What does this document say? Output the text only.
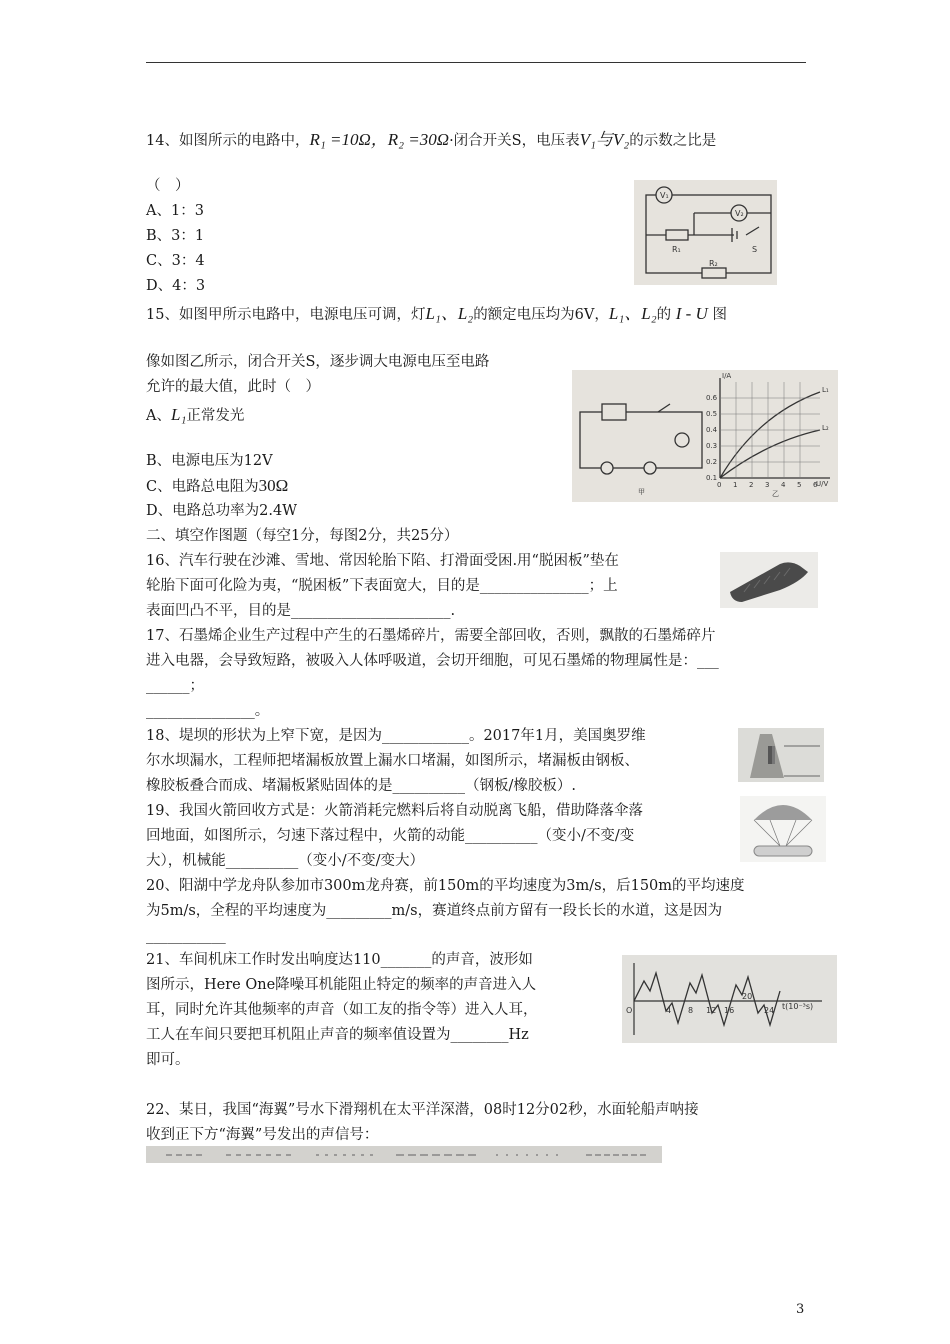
14、如图所示的电路中，R₁ =10Ω，R₂ =30Ω·闭合开关S，电压表V₁与V₂的示数之比是
（　）
A、1：3
B、3：1
C、3：4
D、4：3
V₁
V₂
R₁
R₂
S
15、如图甲所示电路中，电源电压可调，灯L₁、L₂的额定电压均为6V，L₁、L₂的 I - U 图
像如图乙所示，闭合开关S，逐步调大电源电压至电路
允许的最大值，此时（　）
A、L₁正常发光
B、电源电压为12V
C、电路总电阻为30Ω
D、电路总功率为2.4W
甲	乙
I/A
U/V
0.6
0.5
0.4
0.3
0.2
0.1
0 1 2 3 4 5 6
L₁
L₂
二、填空作图题（每空1分，每图2分，共25分）
16、汽车行驶在沙滩、雪地、常因轮胎下陷、打滑面受困.用“脱困板”垫在
轮胎下面可化险为夷，“脱困板”下表面宽大，目的是_______________；上
表面凹凸不平，目的是______________________.
17、石墨烯企业生产过程中产生的石墨烯碎片，需要全部回收，否则，飘散的石墨烯碎片
进入电器，会导致短路，被吸入人体呼吸道，会切开细胞，可见石墨烯的物理属性是：___
______；
_______________。
18、堤坝的形状为上窄下宽，是因为____________。2017年1月，美国奥罗维
尔水坝漏水，工程师把堵漏板放置上漏水口堵漏，如图所示，堵漏板由钢板、
橡胶板叠合而成、堵漏板紧贴固体的是__________（钢板/橡胶板）.
19、我国火箭回收方式是：火箭消耗完燃料后将自动脱离飞船，借助降落伞落
回地面，如图所示，匀速下落过程中，火箭的动能__________（变小/不变/变
大），机械能__________（变小/不变/变大）
20、阳湖中学龙舟队参加市300m龙舟赛，前150m的平均速度为3m/s，后150m的平均速度
为5m/s，全程的平均速度为_________m/s，赛道终点前方留有一段长长的水道，这是因为
___________
21、车间机床工作时发出响度达110_______的声音，波形如
图所示，Here One降噪耳机能阻止特定的频率的声音进入人
耳，同时允许其他频率的声音（如工友的指令等）进入人耳，
工人在车间只要把耳机阻止声音的频率值设置为________Hz
即可。
O	4 8 12 16
20
24 t(10⁻³s)
22、某日，我国“海翼”号水下滑翔机在太平洋深潜，08时12分02秒，水面轮船声呐接
收到正下方“海翼”号发出的声信号：
3
